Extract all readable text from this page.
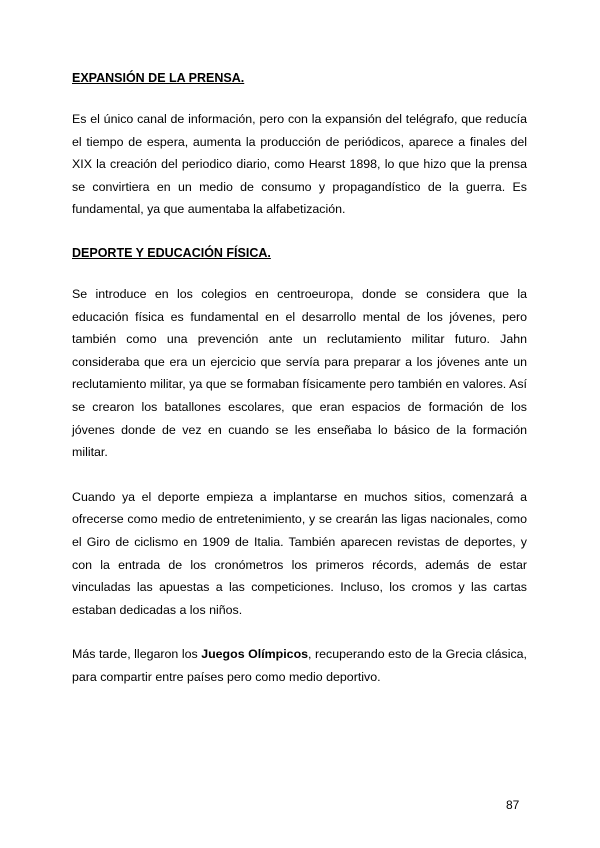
EXPANSIÓN DE LA PRENSA.

Es el único canal de información, pero con la expansión del telégrafo, que reducía el tiempo de espera, aumenta la producción de periódicos, aparece a finales del XIX la creación del periodico diario, como Hearst 1898, lo que hizo que la prensa se convirtiera en un medio de consumo y propagandístico de la guerra. Es fundamental, ya que aumentaba la alfabetización.

DEPORTE Y EDUCACIÓN FÍSICA.

Se introduce en los colegios en centroeuropa, donde se considera que la educación física es fundamental en el desarrollo mental de los jóvenes, pero también como una prevención ante un reclutamiento militar futuro. Jahn consideraba que era un ejercicio que servía para preparar a los jóvenes ante un reclutamiento militar, ya que se formaban físicamente pero también en valores. Así se crearon los batallones escolares, que eran espacios de formación de los jóvenes donde de vez en cuando se les enseñaba lo básico de la formación militar.

Cuando ya el deporte empieza a implantarse en muchos sitios, comenzará a ofrecerse como medio de entretenimiento, y se crearán las ligas nacionales, como el Giro de ciclismo en 1909 de Italia. También aparecen revistas de deportes, y con la entrada de los cronómetros los primeros récords, además de estar vinculadas las apuestas a las competiciones. Incluso, los cromos y las cartas estaban dedicadas a los niños.

Más tarde, llegaron los Juegos Olímpicos, recuperando esto de la Grecia clásica, para compartir entre países pero como medio deportivo.

87
